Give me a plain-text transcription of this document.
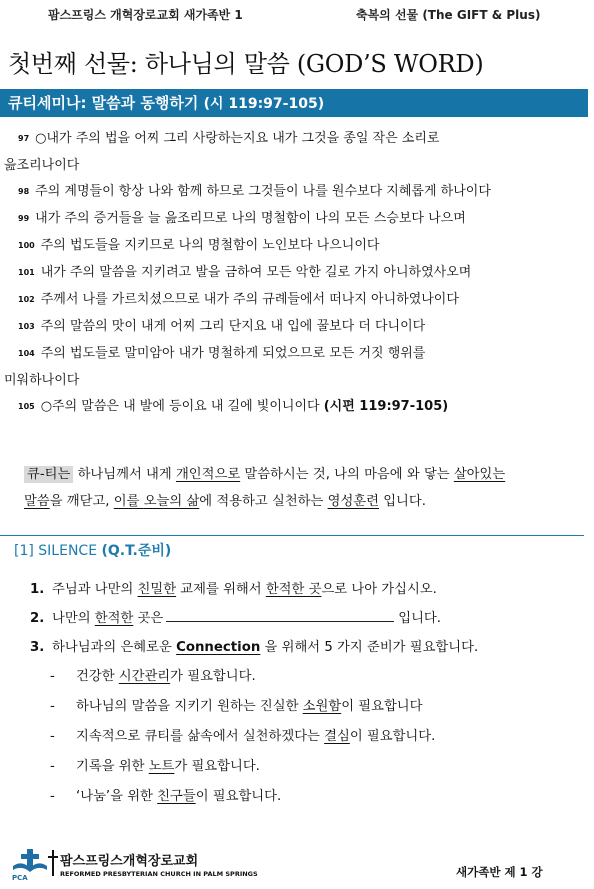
팜스프링스 개혁장로교회 새가족반 1	축복의 선물 (The GIFT & Plus)
첫번째 선물: 하나님의 말씀 (GOD’S WORD)
큐티세미나: 말씀과 동행하기 (시 119:97-105)
$^{97}$ ○내가 주의 법을 어찌 그리 사랑하는지요 내가 그것을 종일 작은 소리로
읊조리나이다
$^{98}$ 주의 계명들이 항상 나와 함께 하므로 그것들이 나를 원수보다 지혜롭게 하나이다
$^{99}$ 내가 주의 증거들을 늘 읊조리므로 나의 명철함이 나의 모든 스승보다 나으며
$^{100}$ 주의 법도들을 지키므로 나의 명철함이 노인보다 나으니이다
$^{101}$ 내가 주의 말씀을 지키려고 발을 금하여 모든 악한 길로 가지 아니하였사오며
$^{102}$ 주께서 나를 가르치셨으므로 내가 주의 규례들에서 떠나지 아니하였나이다
$^{103}$ 주의 말씀의 맛이 내게 어찌 그리 단지요 내 입에 꿀보다 더 다니이다
$^{104}$ 주의 법도들로 말미암아 내가 명철하게 되었으므로 모든 거짓 행위를
미워하나이다
$^{105}$ ○주의 말씀은 내 발에 등이요 내 길에 빛이니이다 (시편 119:97-105)
큐-티는 하나님께서 내게 개인적으로 말씀하시는 것, 나의 마음에 와 닿는 살아있는
말씀을 깨닫고, 이를 오늘의 삶에 적용하고 실천하는 영성훈련 입니다.
[1] SILENCE (Q.T.준비)
1. 주님과 나만의 친밀한 교제를 위해서 한적한 곳으로 나아 가십시오.
2. 나만의 한적한 곳은	입니다.
3. 하나님과의 은혜로운 Connection 을 위해서 5 가지 준비가 필요합니다.
- 건강한 시간관리가 필요합니다.
- 하나님의 말씀을 지키기 원하는 진실한 소원함이 필요합니다
- 지속적으로 큐티를 삶속에서 실천하겠다는 결심이 필요합니다.
- 기록을 위한 노트가 필요합니다.
- ‘나눔’을 위한 친구들이 필요합니다.
PCA
팜스프링스개혁장로교회
REFORMED PRESBYTERIAN CHURCH IN PALM SPRINGS	새가족반 제 1 강
